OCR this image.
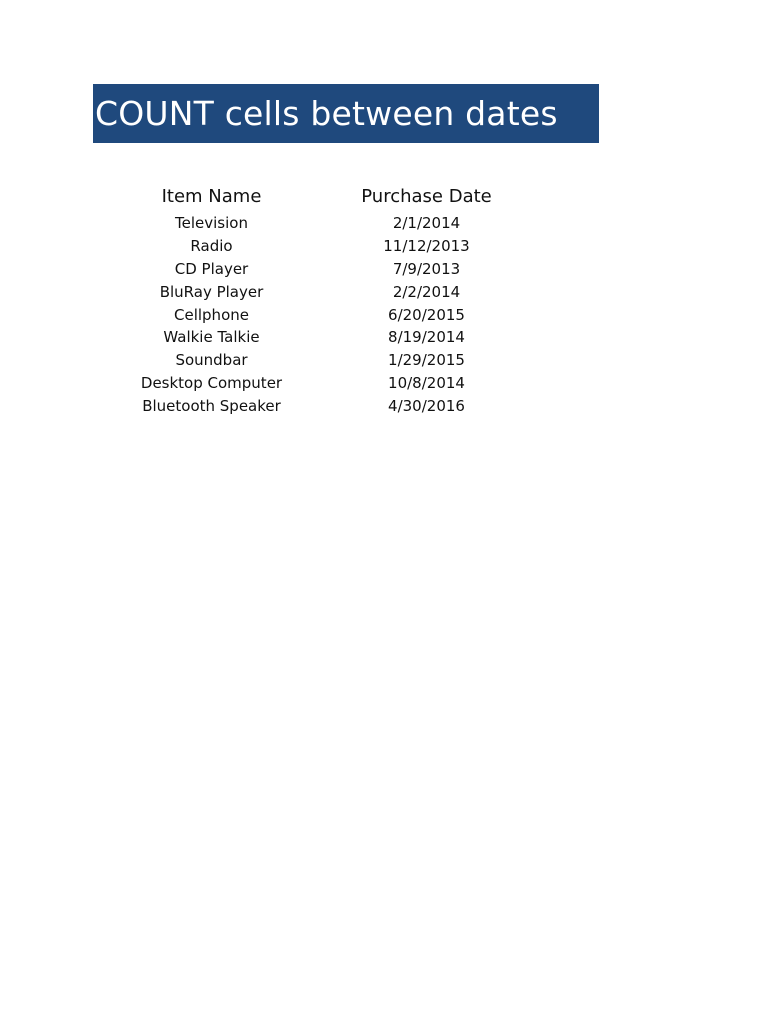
COUNT cells between dates
Item Name	Purchase Date
Television	2/1/2014
Radio	11/12/2013
CD Player	7/9/2013
BluRay Player	2/2/2014
Cellphone	6/20/2015
Walkie Talkie	8/19/2014
Soundbar	1/29/2015
Desktop Computer	10/8/2014
Bluetooth Speaker	4/30/2016
